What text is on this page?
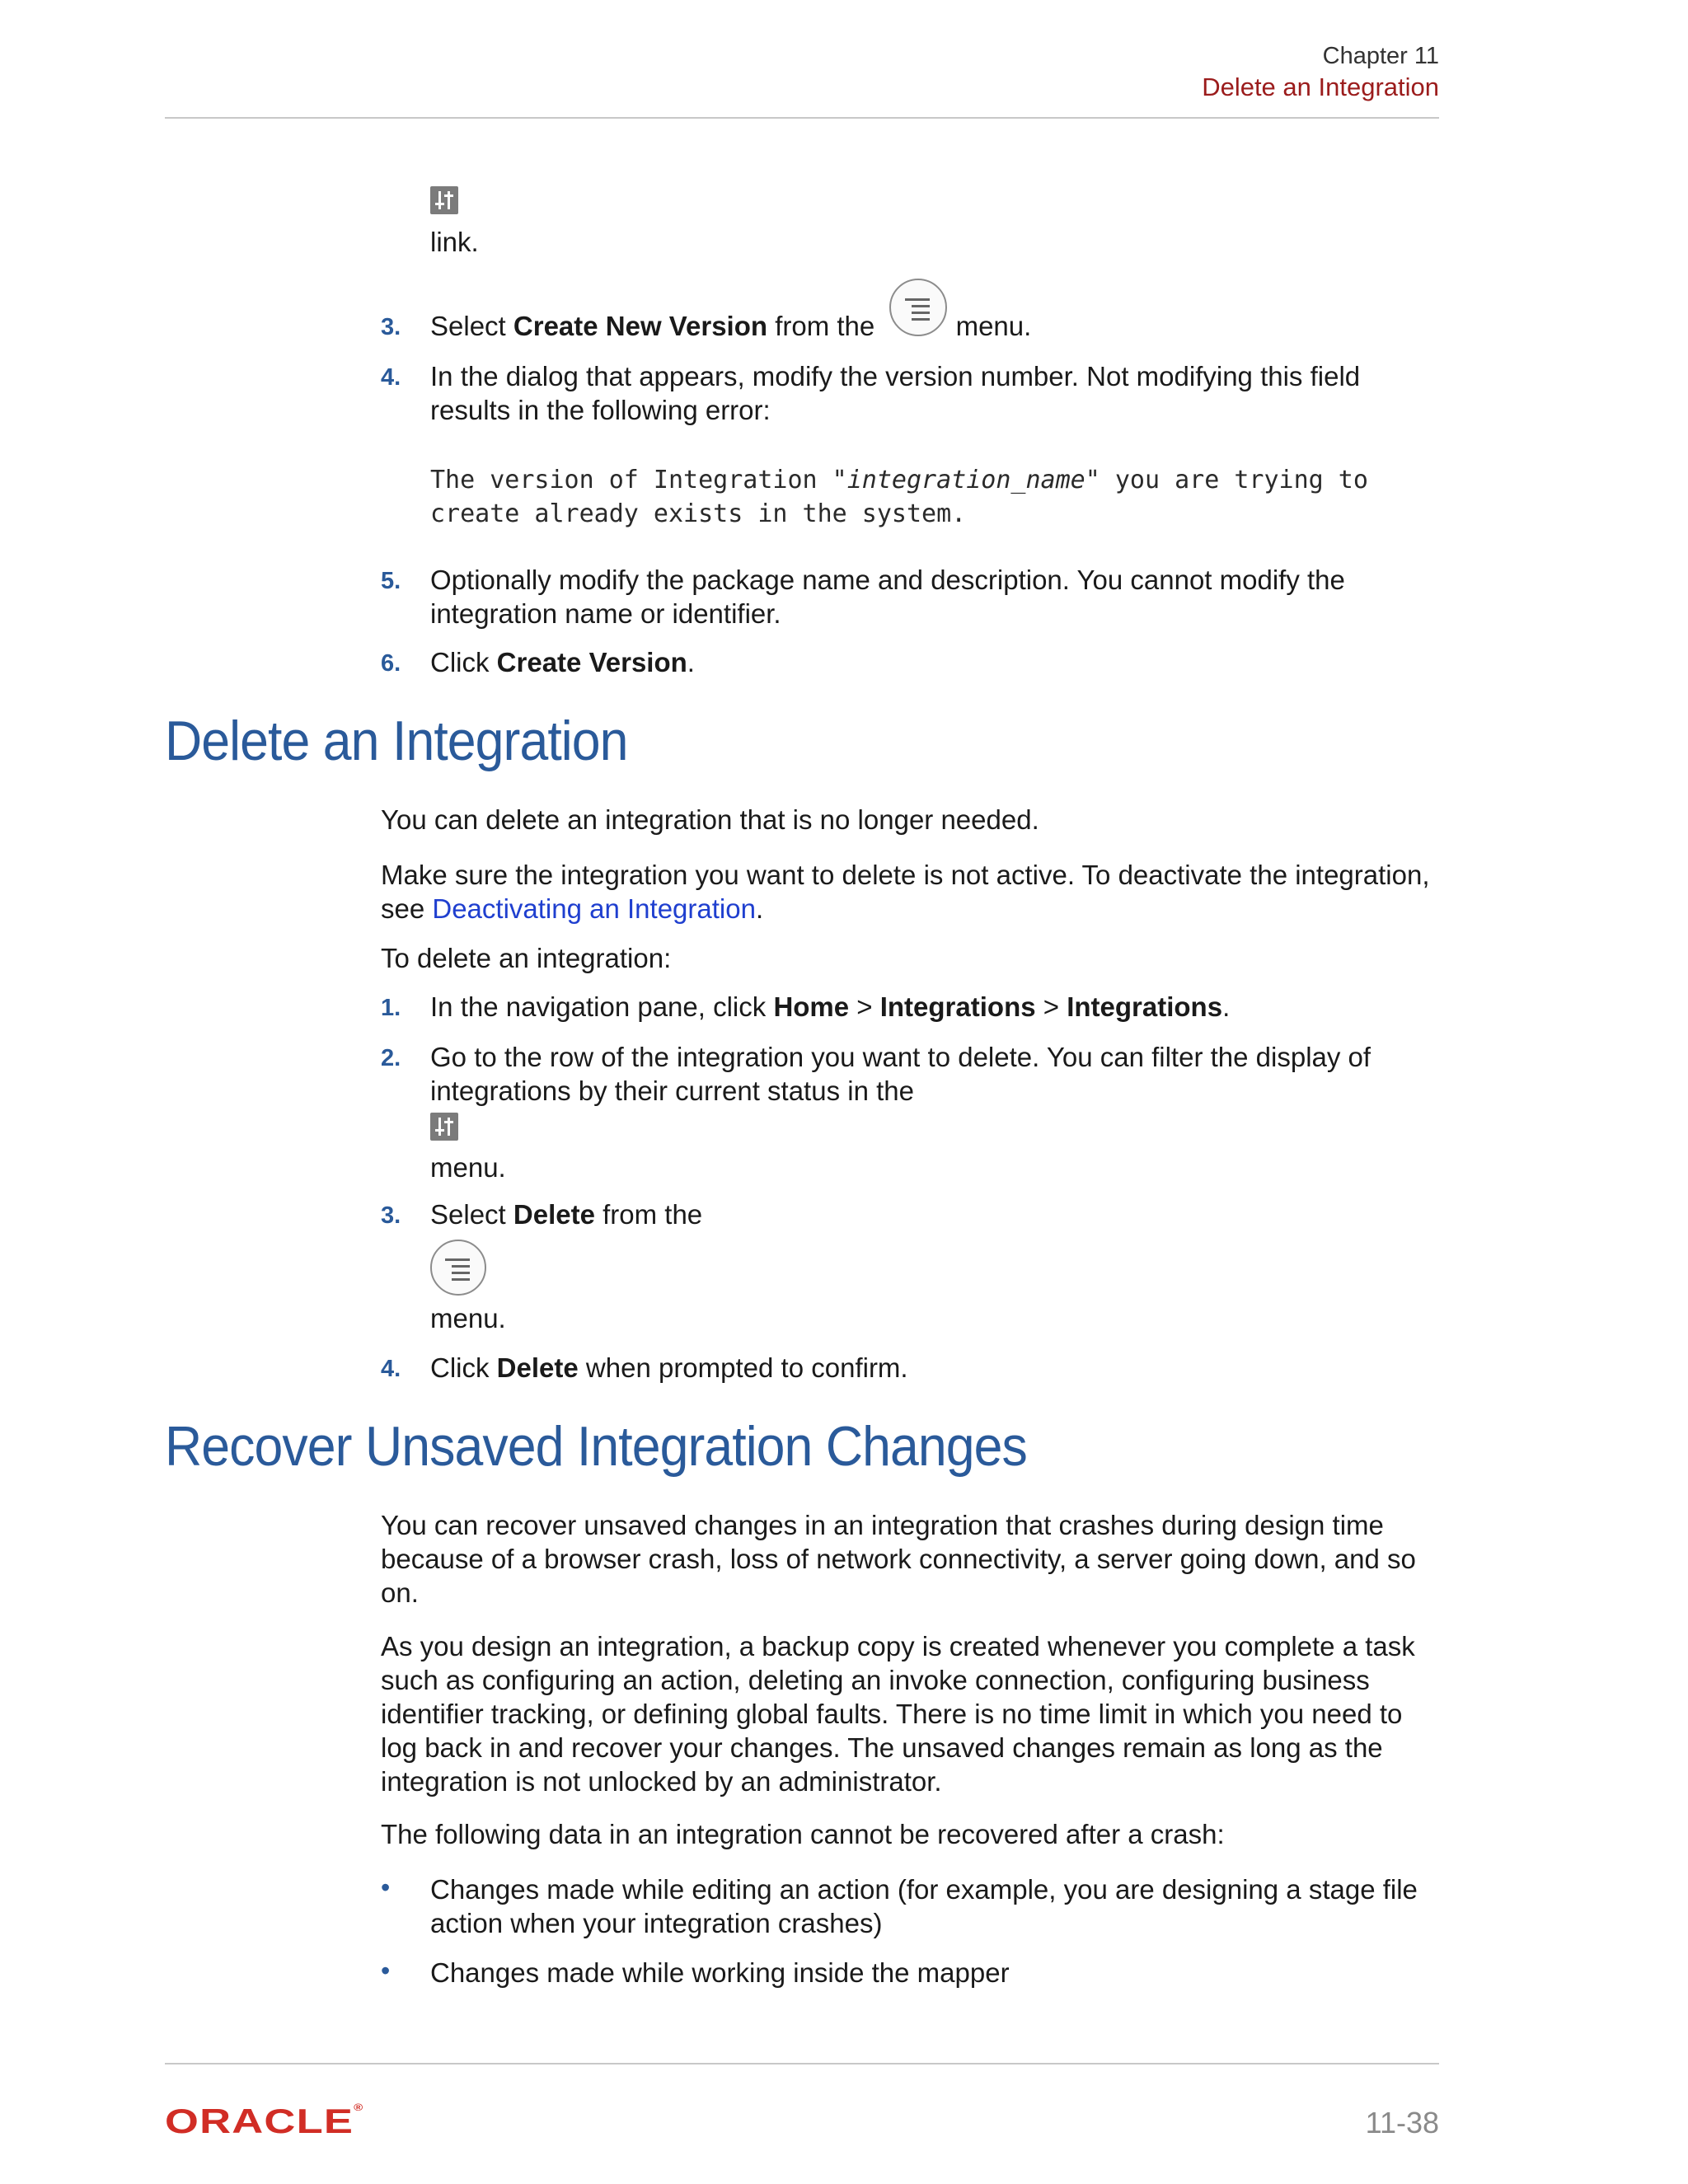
Chapter 11
Delete an Integration
link.
3. Select Create New Version from the  menu.
4. In the dialog that appears, modify the version number. Not modifying this field results in the following error:
The version of Integration "integration_name" you are trying to
create already exists in the system.
5. Optionally modify the package name and description. You cannot modify the integration name or identifier.
6. Click Create Version.
Delete an Integration
You can delete an integration that is no longer needed.
Make sure the integration you want to delete is not active. To deactivate the integration, see Deactivating an Integration.
To delete an integration:
1. In the navigation pane, click Home > Integrations > Integrations.
2. Go to the row of the integration you want to delete. You can filter the display of integrations by their current status in the
menu.
3. Select Delete from the
menu.
4. Click Delete when prompted to confirm.
Recover Unsaved Integration Changes
You can recover unsaved changes in an integration that crashes during design time because of a browser crash, loss of network connectivity, a server going down, and so on.
As you design an integration, a backup copy is created whenever you complete a task such as configuring an action, deleting an invoke connection, configuring business identifier tracking, or defining global faults. There is no time limit in which you need to log back in and recover your changes. The unsaved changes remain as long as the integration is not unlocked by an administrator.
The following data in an integration cannot be recovered after a crash:
• Changes made while editing an action (for example, you are designing a stage file action when your integration crashes)
• Changes made while working inside the mapper
ORACLE®	11-38
